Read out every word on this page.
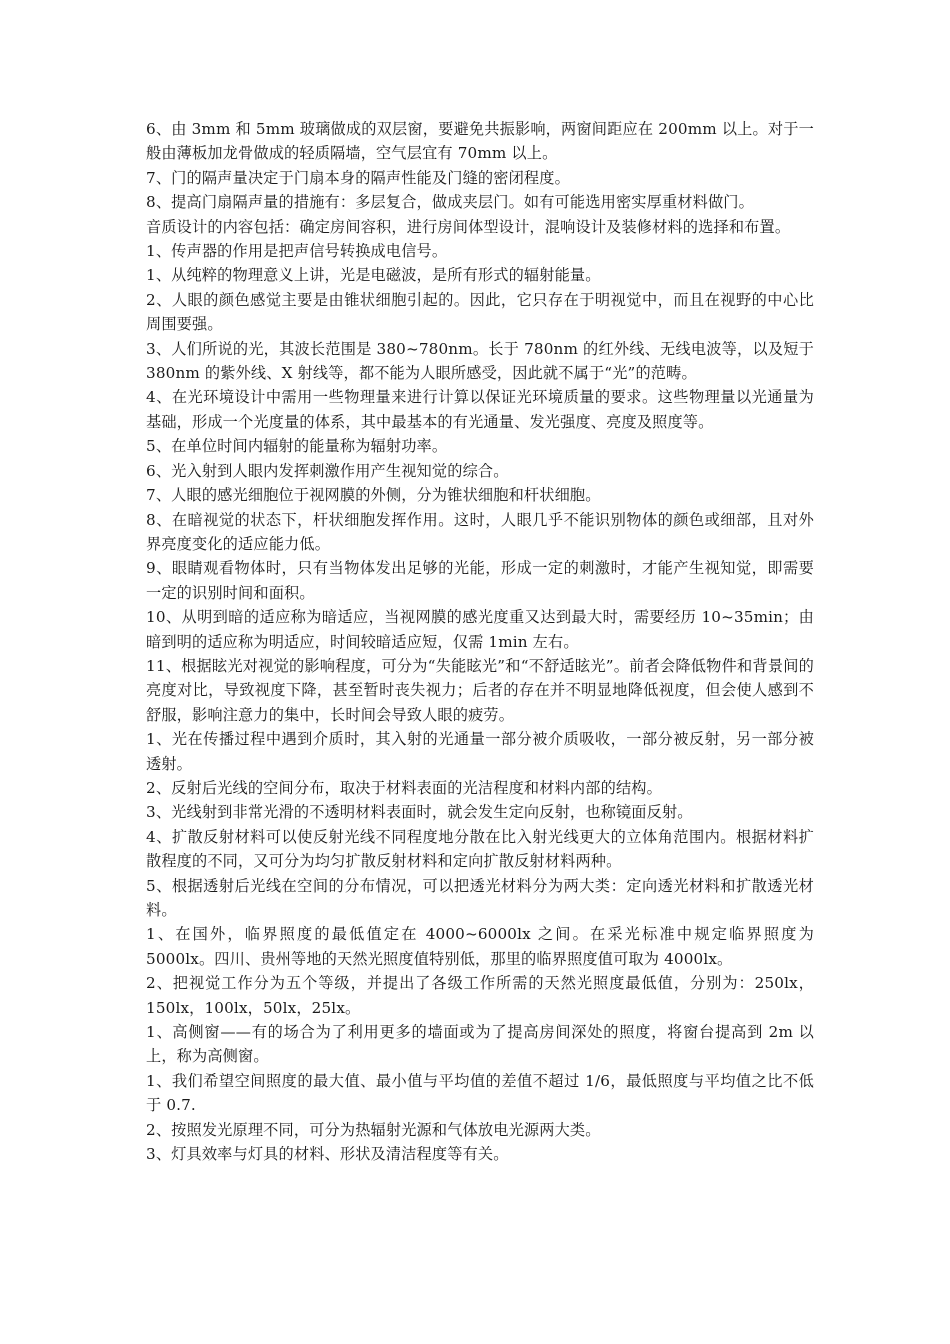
6、由 3mm 和 5mm 玻璃做成的双层窗，要避免共振影响，两窗间距应在 200mm 以上。对于一般由薄板加龙骨做成的轻质隔墙，空气层宜有 70mm 以上。

7、门的隔声量决定于门扇本身的隔声性能及门缝的密闭程度。

8、提高门扇隔声量的措施有：多层复合，做成夹层门。如有可能选用密实厚重材料做门。

音质设计的内容包括：确定房间容积，进行房间体型设计，混响设计及装修材料的选择和布置。

1、传声器的作用是把声信号转换成电信号。

1、从纯粹的物理意义上讲，光是电磁波，是所有形式的辐射能量。

2、人眼的颜色感觉主要是由锥状细胞引起的。因此，它只存在于明视觉中，而且在视野的中心比周围要强。

3、人们所说的光，其波长范围是 380~780nm。长于 780nm 的红外线、无线电波等，以及短于 380nm 的紫外线、X 射线等，都不能为人眼所感受，因此就不属于“光”的范畴。

4、在光环境设计中需用一些物理量来进行计算以保证光环境质量的要求。这些物理量以光通量为基础，形成一个光度量的体系，其中最基本的有光通量、发光强度、亮度及照度等。

5、在单位时间内辐射的能量称为辐射功率。

6、光入射到人眼内发挥刺激作用产生视知觉的综合。

7、人眼的感光细胞位于视网膜的外侧，分为锥状细胞和杆状细胞。

8、在暗视觉的状态下，杆状细胞发挥作用。这时，人眼几乎不能识别物体的颜色或细部，且对外界亮度变化的适应能力低。

9、眼睛观看物体时，只有当物体发出足够的光能，形成一定的刺激时，才能产生视知觉，即需要一定的识别时间和面积。

10、从明到暗的适应称为暗适应，当视网膜的感光度重又达到最大时，需要经历 10~35min；由暗到明的适应称为明适应，时间较暗适应短，仅需 1min 左右。

11、根据眩光对视觉的影响程度，可分为“失能眩光”和“不舒适眩光”。前者会降低物件和背景间的亮度对比，导致视度下降，甚至暂时丧失视力；后者的存在并不明显地降低视度，但会使人感到不舒服，影响注意力的集中，长时间会导致人眼的疲劳。

1、光在传播过程中遇到介质时，其入射的光通量一部分被介质吸收，一部分被反射，另一部分被透射。

2、反射后光线的空间分布，取决于材料表面的光洁程度和材料内部的结构。

3、光线射到非常光滑的不透明材料表面时，就会发生定向反射，也称镜面反射。

4、扩散反射材料可以使反射光线不同程度地分散在比入射光线更大的立体角范围内。根据材料扩散程度的不同，又可分为均匀扩散反射材料和定向扩散反射材料两种。

5、根据透射后光线在空间的分布情况，可以把透光材料分为两大类：定向透光材料和扩散透光材料。

1、在国外，临界照度的最低值定在 4000~6000lx 之间。在采光标准中规定临界照度为 5000lx。四川、贵州等地的天然光照度值特别低，那里的临界照度值可取为 4000lx。

2、把视觉工作分为五个等级，并提出了各级工作所需的天然光照度最低值，分别为：250lx，150lx，100lx，50lx，25lx。

1、高侧窗——有的场合为了利用更多的墙面或为了提高房间深处的照度，将窗台提高到 2m 以上，称为高侧窗。

1、我们希望空间照度的最大值、最小值与平均值的差值不超过 1/6，最低照度与平均值之比不低于 0.7.

2、按照发光原理不同，可分为热辐射光源和气体放电光源两大类。

3、灯具效率与灯具的材料、形状及清洁程度等有关。
